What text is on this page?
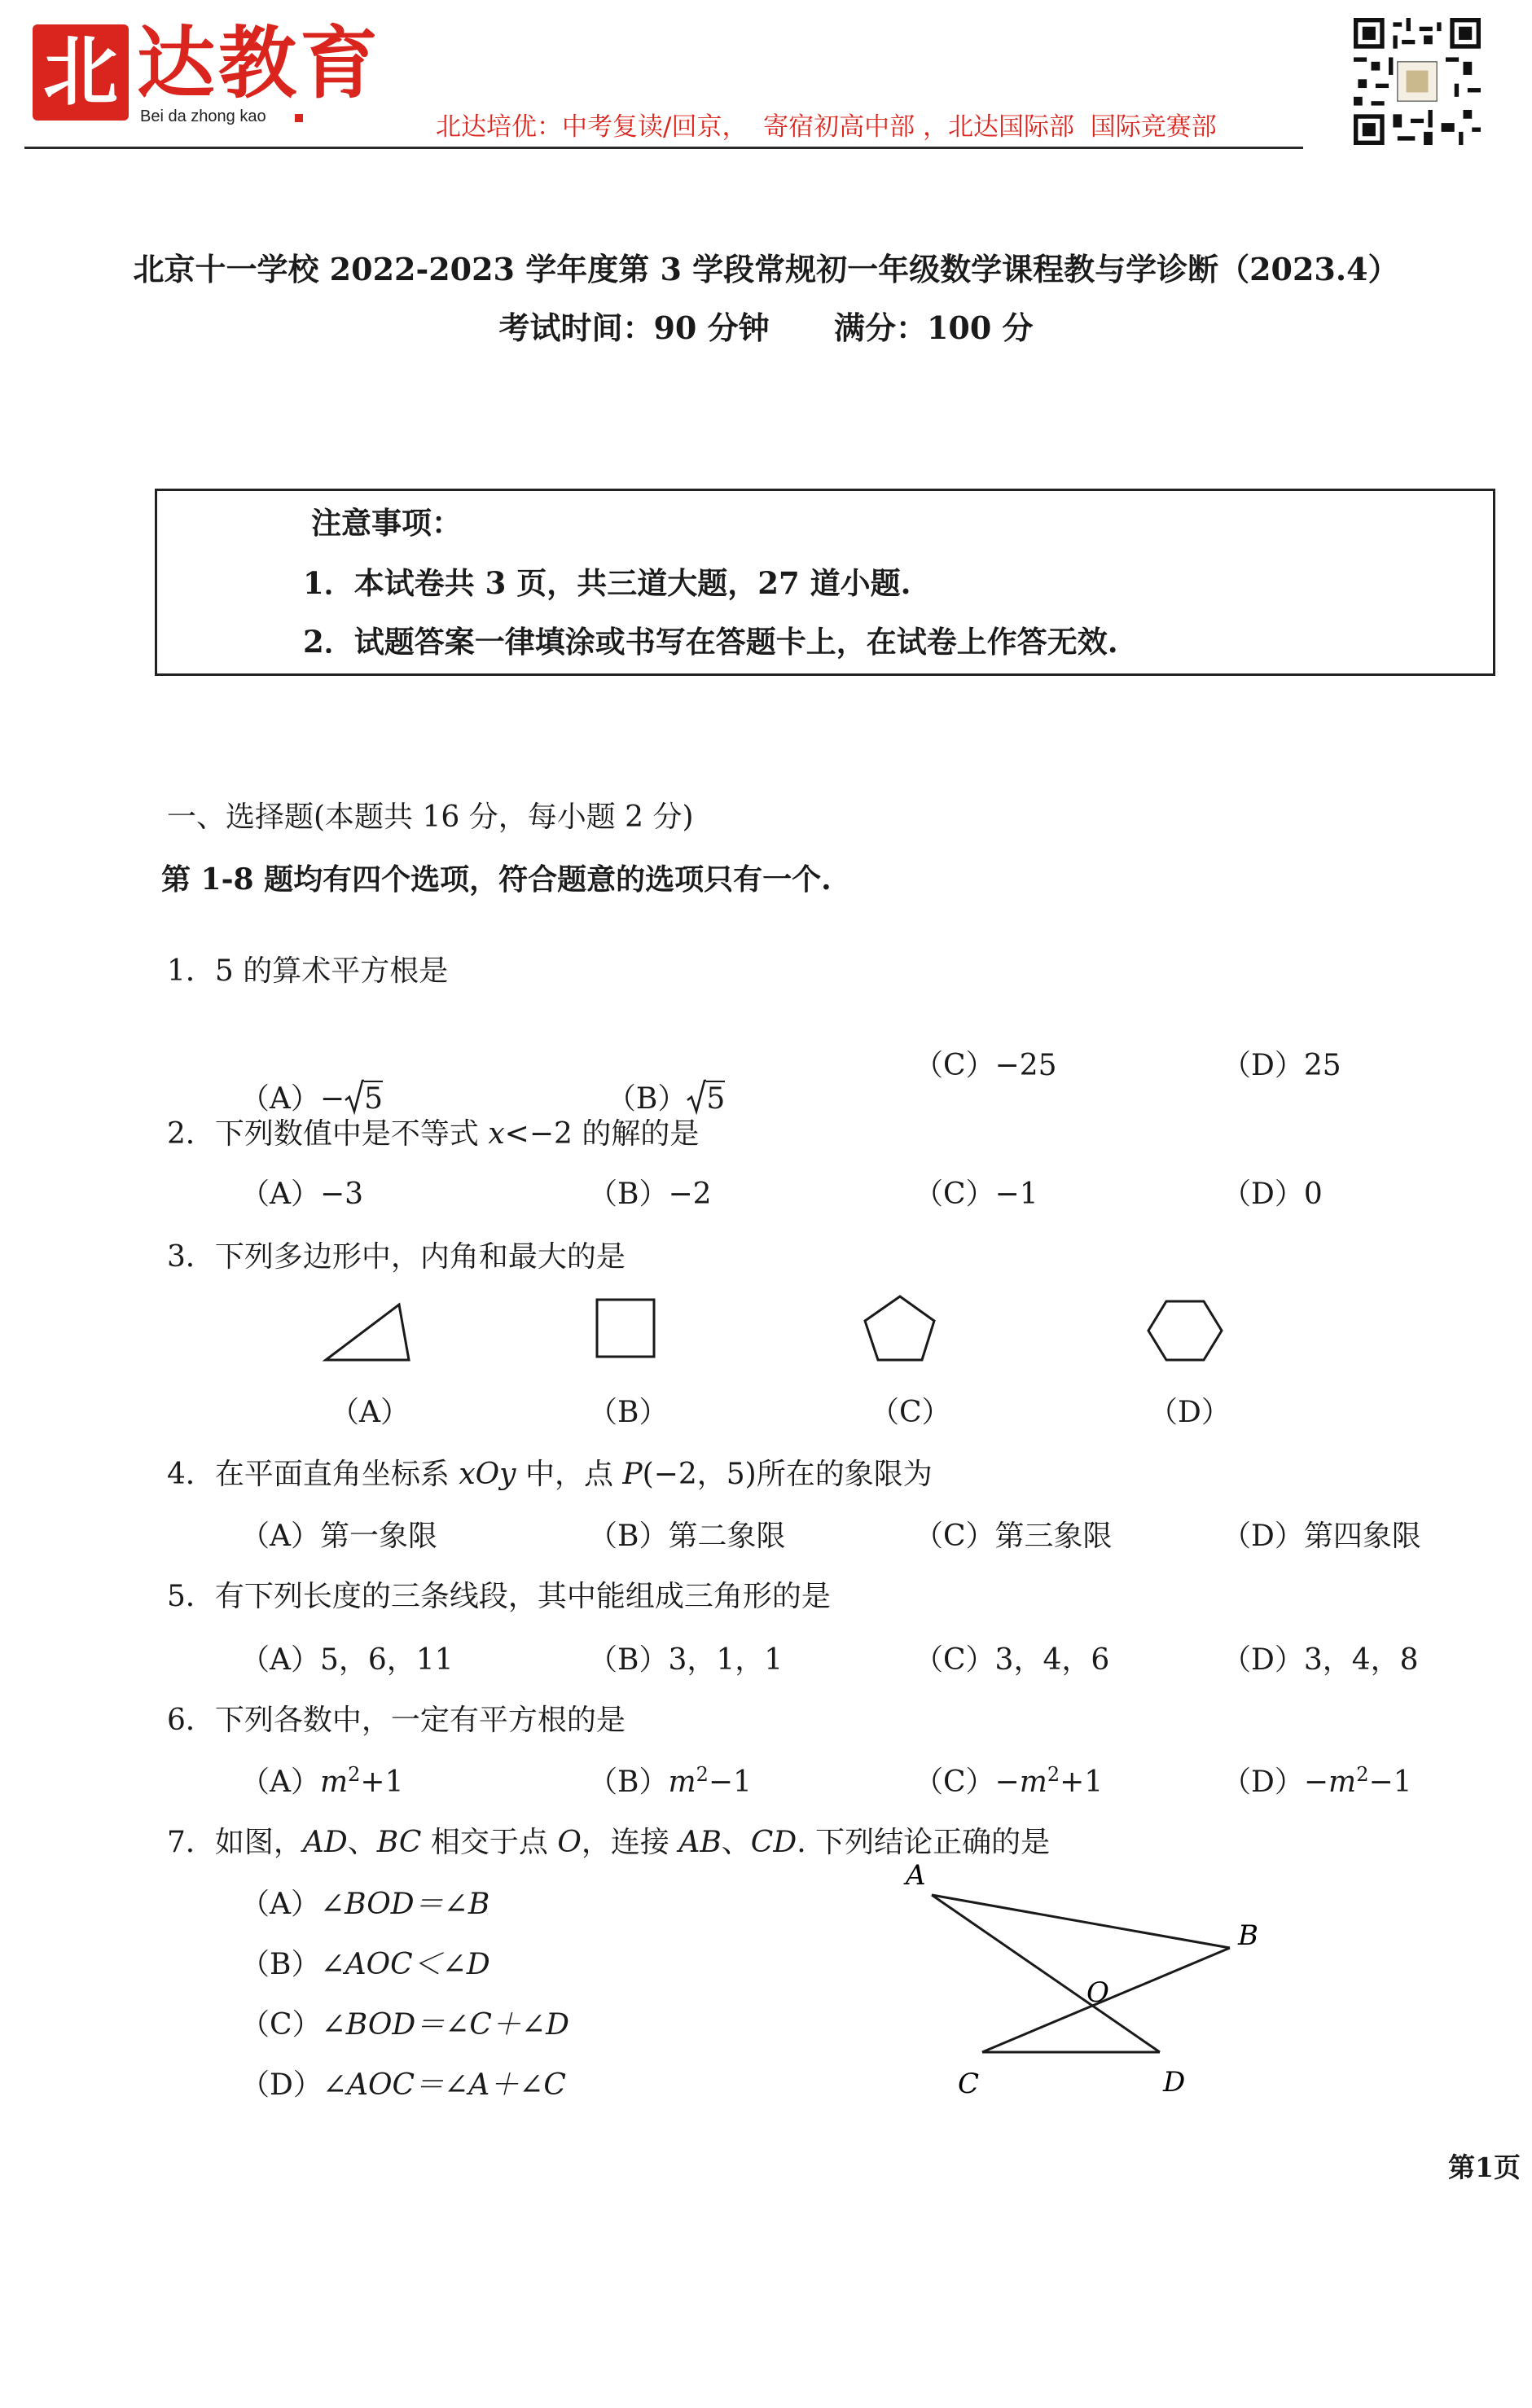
北 达教育
Bei da zhong kao	北达培优：中考复读/回京，  寄宿初高中部 ，北达国际部  国际竞赛部
北京十一学校 2022-2023 学年度第 3 学段常规初一年级数学课程教与学诊断（2023.4）
考试时间：90 分钟      满分：100 分
注意事项：
1．本试卷共 3 页，共三道大题，27 道小题.
2．试题答案一律填涂或书写在答题卡上，在试卷上作答无效.
一、选择题(本题共 16 分，每小题 2 分)
第 1-8 题均有四个选项，符合题意的选项只有一个.
1．5 的算术平方根是

（A）− 5	（B） 5

（C）−25	（D）25
2．下列数值中是不等式 x<−2 的解的是
（A）−3	（B）−2	（C）−1	（D）0
3．下列多边形中，内角和最大的是
（A）	（B）	（C）	（D）
4．在平面直角坐标系 xOy 中，点 P(−2，5)所在的象限为
（A）第一象限	（B）第二象限	（C）第三象限	（D）第四象限
5．有下列长度的三条线段，其中能组成三角形的是
（A）5，6，11	（B）3，1，1	（C）3，4，6	（D）3，4，8
6．下列各数中，一定有平方根的是
$(A)m^2+1$	$(B)m^2-1$	$(C)-m^2+1$	$(D)-m^2-1$
7．如图，AD、BC 相交于点 O，连接 AB、CD. 下列结论正确的是
（A）∠BOD＝∠B
（B）∠AOC＜∠D
（C）∠BOD＝∠C＋∠D
（D）∠AOC＝∠A＋∠C
A
B
O
C	D
第1页
